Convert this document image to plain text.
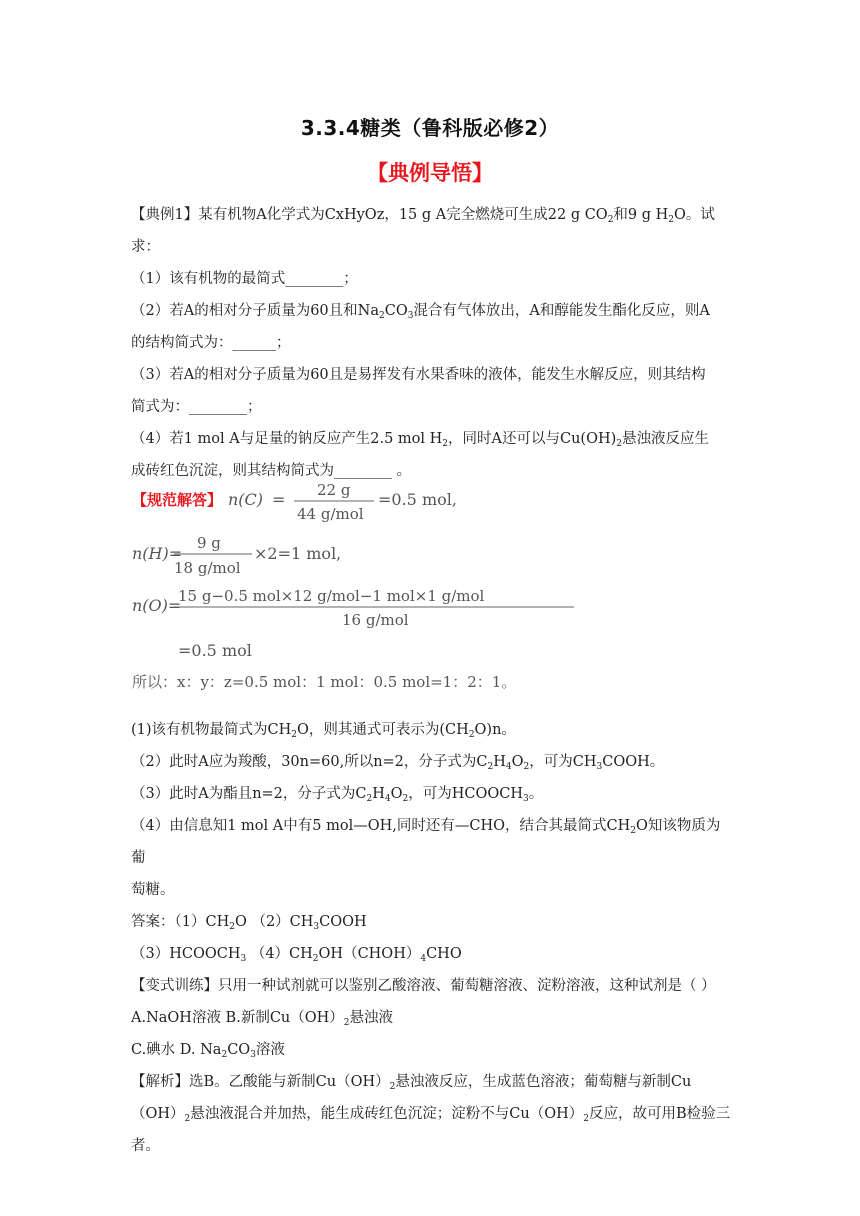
3.3.4糖类（鲁科版必修2）
【典例导悟】

【典例1】某有机物A化学式为CxHyOz，15 g A完全燃烧可生成22 g $CO_2$和9 g $H_2O$。试求：

（1）该有机物的最简式________；

（2）若A的相对分子质量为60且和$Na_2CO_3$混合有气体放出，A和醇能发生酯化反应，则A

的结构简式为：______；

（3）若A的相对分子质量为60且是易挥发有水果香味的液体，能发生水解反应，则其结构

简式为：________；

（4）若1 mol A与足量的钠反应产生2.5 mol $H_2$，同时A还可以与$Cu(OH)_2$悬浊液反应生

成砖红色沉淀，则其结构简式为________ 。

【规范解答】 n(C) = 22 g
44 g/mol
=0.5 mol,
n(H)=
9 g
18 g/mol
×2=1 mol,
n(O)=
15 g−0.5 mol×12 g/mol−1 mol×1 g/mol
16 g/mol
=0.5 mol
所以：x：y：z=0.5 mol：1 mol：0.5 mol=1：2：1。

(1)该有机物最简式为$CH_2O$，则其通式可表示为$(CH_2O)n$。

（2）此时A应为羧酸，30n=60,所以n=2，分子式为$C_2H_4O_2$，可为$CH_3COOH$。

（3）此时A为酯且n=2，分子式为$C_2H_4O_2$，可为$HCOOCH_3$。

（4）由信息知1 mol A中有5 mol—OH,同时还有—CHO，结合其最简式$CH_2O$知该物质为葡

萄糖。

答案：$(1)CH_2O$ $(2)CH_3COOH$

$(3)HCOOCH_3$ $(4)CH_2OH(CHOH)_4CHO$

【变式训练】只用一种试剂就可以鉴别乙酸溶液、葡萄糖溶液、淀粉溶液，这种试剂是（ ）

A.NaOH溶液 B.新制$Cu(OH)_2$悬浊液

C.碘水 D. $Na_2CO_3$溶液

【解析】选B。乙酸能与新制$Cu(OH)_2$悬浊液反应，生成蓝色溶液；葡萄糖与新制$Cu(OH)_2$悬浊液混合并加热，能生成砖红色沉淀；淀粉不与$Cu(OH)_2$反应，故可用B检验三者。
